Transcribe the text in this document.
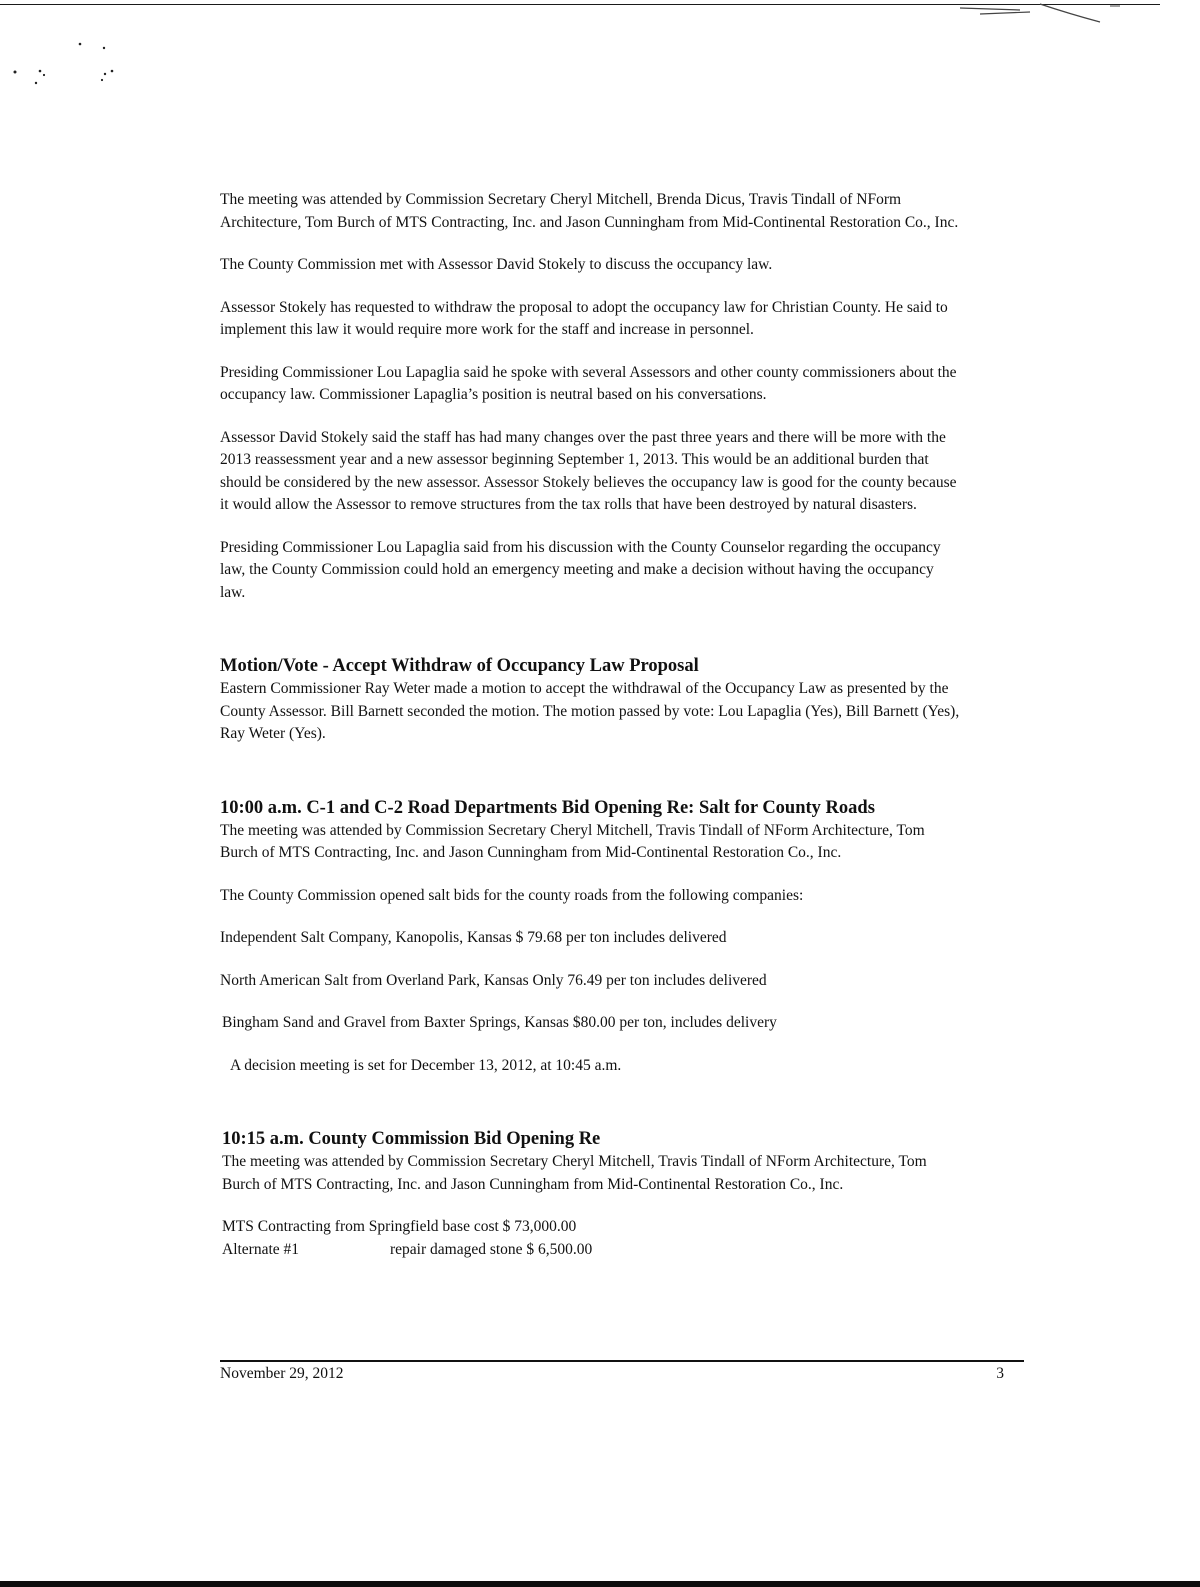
The meeting was attended by Commission Secretary Cheryl Mitchell, Brenda Dicus, Travis Tindall of NForm Architecture, Tom Burch of MTS Contracting, Inc. and Jason Cunningham from Mid-Continental Restoration Co., Inc.

The County Commission met with Assessor David Stokely to discuss the occupancy law.

Assessor Stokely has requested to withdraw the proposal to adopt the occupancy law for Christian County. He said to implement this law it would require more work for the staff and increase in personnel.

Presiding Commissioner Lou Lapaglia said he spoke with several Assessors and other county commissioners about the occupancy law. Commissioner Lapaglia’s position is neutral based on his conversations.

Assessor David Stokely said the staff has had many changes over the past three years and there will be more with the 2013 reassessment year and a new assessor beginning September 1, 2013. This would be an additional burden that should be considered by the new assessor. Assessor Stokely believes the occupancy law is good for the county because it would allow the Assessor to remove structures from the tax rolls that have been destroyed by natural disasters.

Presiding Commissioner Lou Lapaglia said from his discussion with the County Counselor regarding the occupancy law, the County Commission could hold an emergency meeting and make a decision without having the occupancy law.

Motion/Vote - Accept Withdraw of Occupancy Law Proposal

Eastern Commissioner Ray Weter made a motion to accept the withdrawal of the Occupancy Law as presented by the County Assessor. Bill Barnett seconded the motion. The motion passed by vote: Lou Lapaglia (Yes), Bill Barnett (Yes), Ray Weter (Yes).

10:00 a.m. C-1 and C-2 Road Departments Bid Opening Re: Salt for County Roads

The meeting was attended by Commission Secretary Cheryl Mitchell, Travis Tindall of NForm Architecture, Tom Burch of MTS Contracting, Inc. and Jason Cunningham from Mid-Continental Restoration Co., Inc.

The County Commission opened salt bids for the county roads from the following companies:

Independent Salt Company, Kanopolis, Kansas $ 79.68 per ton includes delivered

North American Salt from Overland Park, Kansas Only 76.49 per ton includes delivered

Bingham Sand and Gravel from Baxter Springs, Kansas $80.00 per ton, includes delivery

A decision meeting is set for December 13, 2012, at 10:45 a.m.

10:15 a.m. County Commission Bid Opening Re

The meeting was attended by Commission Secretary Cheryl Mitchell, Travis Tindall of NForm Architecture, Tom Burch of MTS Contracting, Inc. and Jason Cunningham from Mid-Continental Restoration Co., Inc.

MTS Contracting from Springfield base cost $ 73,000.00

Alternate #1	repair damaged stone $ 6,500.00

November 29, 2012	3
